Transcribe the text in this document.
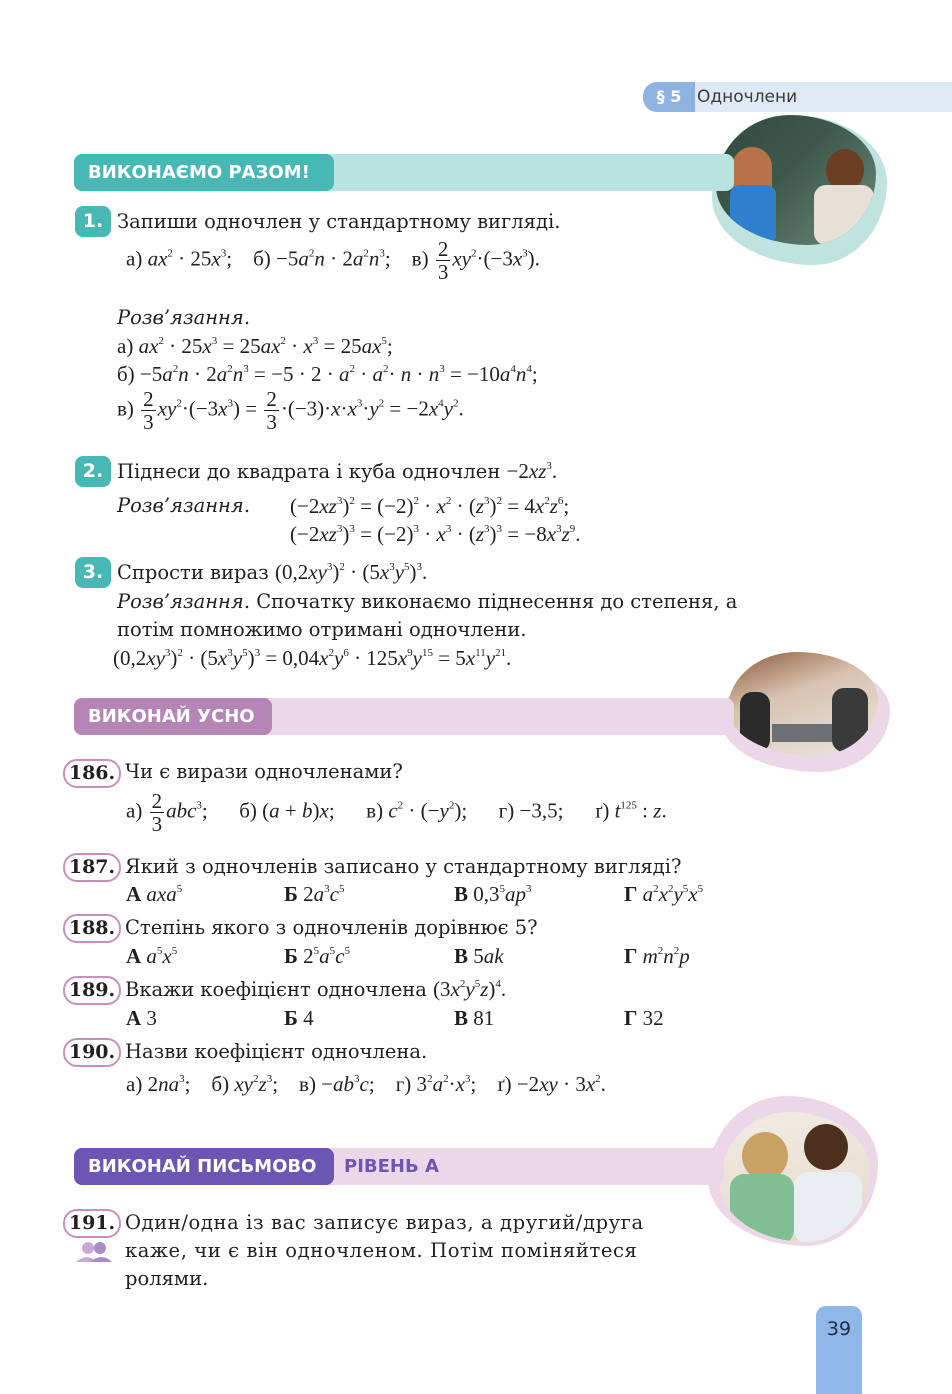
§ 5 Одночлени
ВИКОНАЄМО РАЗОМ!
1. Запиши одночлен у стандартному вигляді.
а) $ax^2 \cdot 25x^3$;    $б) -5a^2n \cdot 2a^2n^3$;    $в) \frac{2}{3} xy^2\cdot(-3x^3)$.
Розв’язання.
а) $ax^2 \cdot 25x^3 = 25ax^2 \cdot x^3 = 25ax^5$;
$б) -5a^2n \cdot 2a^2n^3 = -5 \cdot 2 \cdot a^2 \cdot a^2\cdot n \cdot n^3 = -10a^4n^4$;
$в) \frac{2}{3} xy^2\cdot(-3x^3) = \frac{2}{3} \cdot(-3)\cdot x\cdot x^3\cdot y^2 = -2x^4y^2$.
2. Піднеси до квадрата і куба одночлен $-2xz^3$.
Розв’язання. $(-2xz^3)^2 = (-2)^2 \cdot x^2 \cdot (z^3)^2 = 4x^2z^6$;
$(-2xz^3)^3 = (-2)^3 \cdot x^3 \cdot (z^3)^3 = -8x^3z^9$.
3. Спрости вираз $(0,2xy^3)^2 \cdot (5x^3y^5)^3$.
Розв’язання. Спочатку виконаємо піднесення до степеня, а
потім помножимо отримані одночлени.
$(0,2xy^3)^2 \cdot (5x^3y^5)^3 = 0,04x^2y^6 \cdot 125x^9y^{15} = 5x^{11}y^{21}$.
ВИКОНАЙ УСНО
186. Чи є вирази одночленами?
$а) \frac{2}{3} abc^3$;      б) (a + b)x;      в) $c^2 \cdot (-y^2)$;      г) −3,5;      ґ) $t^{125}$ : z.
187. Який з одночленів записано у стандартному вигляді?
А axa$^5$	Б $2a^3c^5$	В $0,3^5ap^3$	Г $a^2x^2y^5x^5$
188. Степінь якого з одночленів дорівнює 5?
А $a^5x^5$	Б $2^5a^5c^5$	В 5ak	Г $m^2n^2p$
189. Вкажи коефіцієнт одночлена $(3x^2y^5z)^4$.
А 3	Б 4	В 81	Г 32
190. Назви коефіцієнт одночлена.
а) $2na^3$;    б) $xy^2z^3$;    $в) -ab^3c$;    г) $3^2a^2\cdot x^3$;    $ґ) -2xy \cdot 3x^2$.
ВИКОНАЙ ПИСЬМОВО	РІВЕНЬ А
191. Один/одна із вас записує вираз, а другий/друга
каже, чи є він одночленом. Потім поміняйтеся
ролями.
39
